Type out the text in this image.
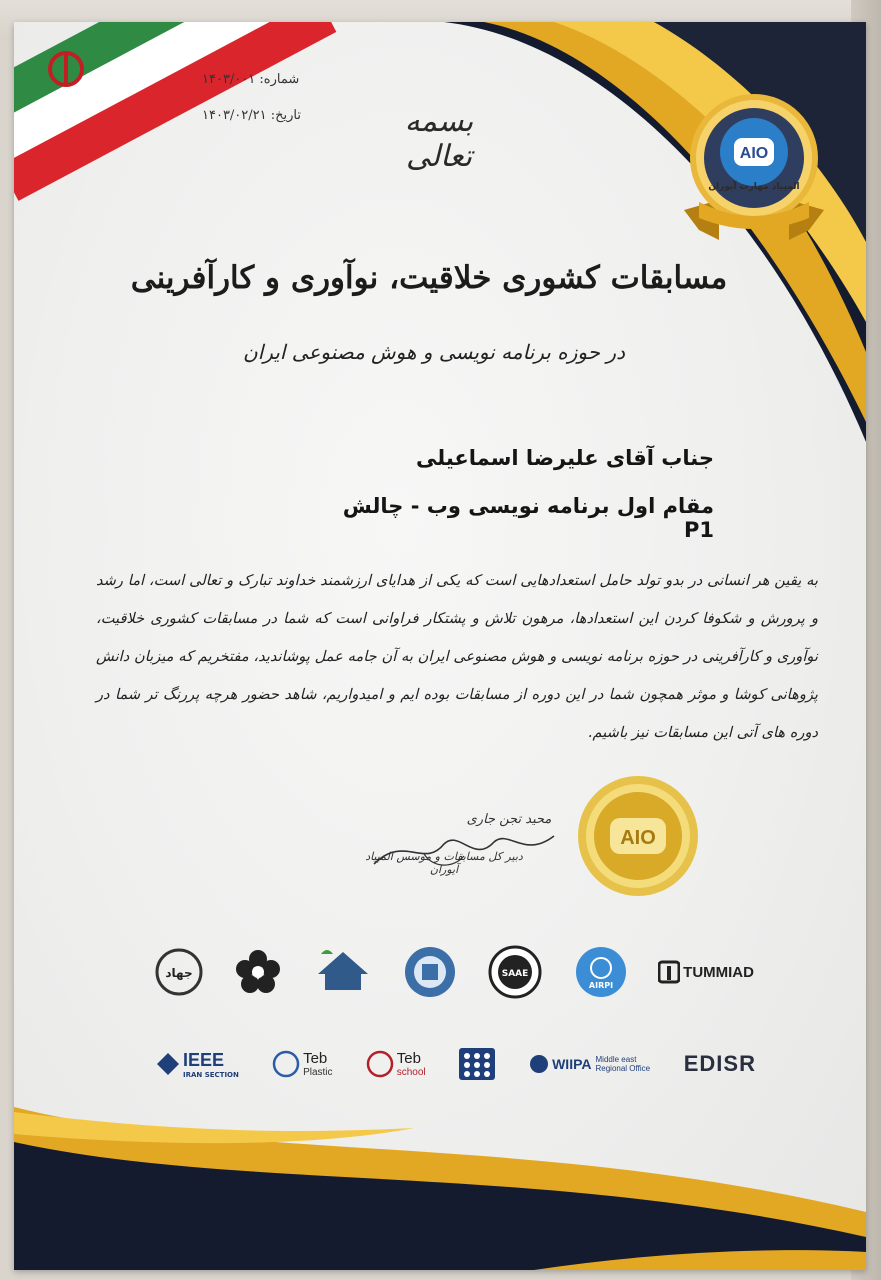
شماره: ۱۴۰۳/۰۰۱
تاریخ: ۱۴۰۳/۰۲/۲۱	بسمه تعالی	AIO
المپیاد مهارت آیوران
مسابقات کشوری خلاقیت، نوآوری و کارآفرینی
در حوزه برنامه نویسی و هوش مصنوعی ایران
جناب آقای علیرضا اسماعیلی
مقام اول برنامه نویسی وب - چالش P1
به یقین هر انسانی در بدو تولد حامل استعدادهایی است که یکی از هدایای ارزشمند خداوند تبارک و تعالی است، اما رشد و پرورش و شکوفا کردن این استعدادها، مرهون تلاش و پشتکار فراوانی است که شما در مسابقات کشوری خلاقیت، نوآوری و کارآفرینی در حوزه برنامه نویسی و هوش مصنوعی ایران به آن جامه عمل پوشاندید، مفتخریم که میزبان دانش پژوهانی کوشا و موثر همچون شما در این دوره از مسابقات بوده ایم و امیدواریم، شاهد حضور هرچه پررنگ تر شما در دوره های آتی این مسابقات نیز باشیم.
محید تجن جاری
دبیر کل مسابقات و موسس المپیاد آیوران
AIO
جهاد	SAAE
AIRPI
TUMMIAD
IEEE
IRAN SECTION
Teb
Plastic
Teb
school
WIIPA Middle east Regional Office EDISR
